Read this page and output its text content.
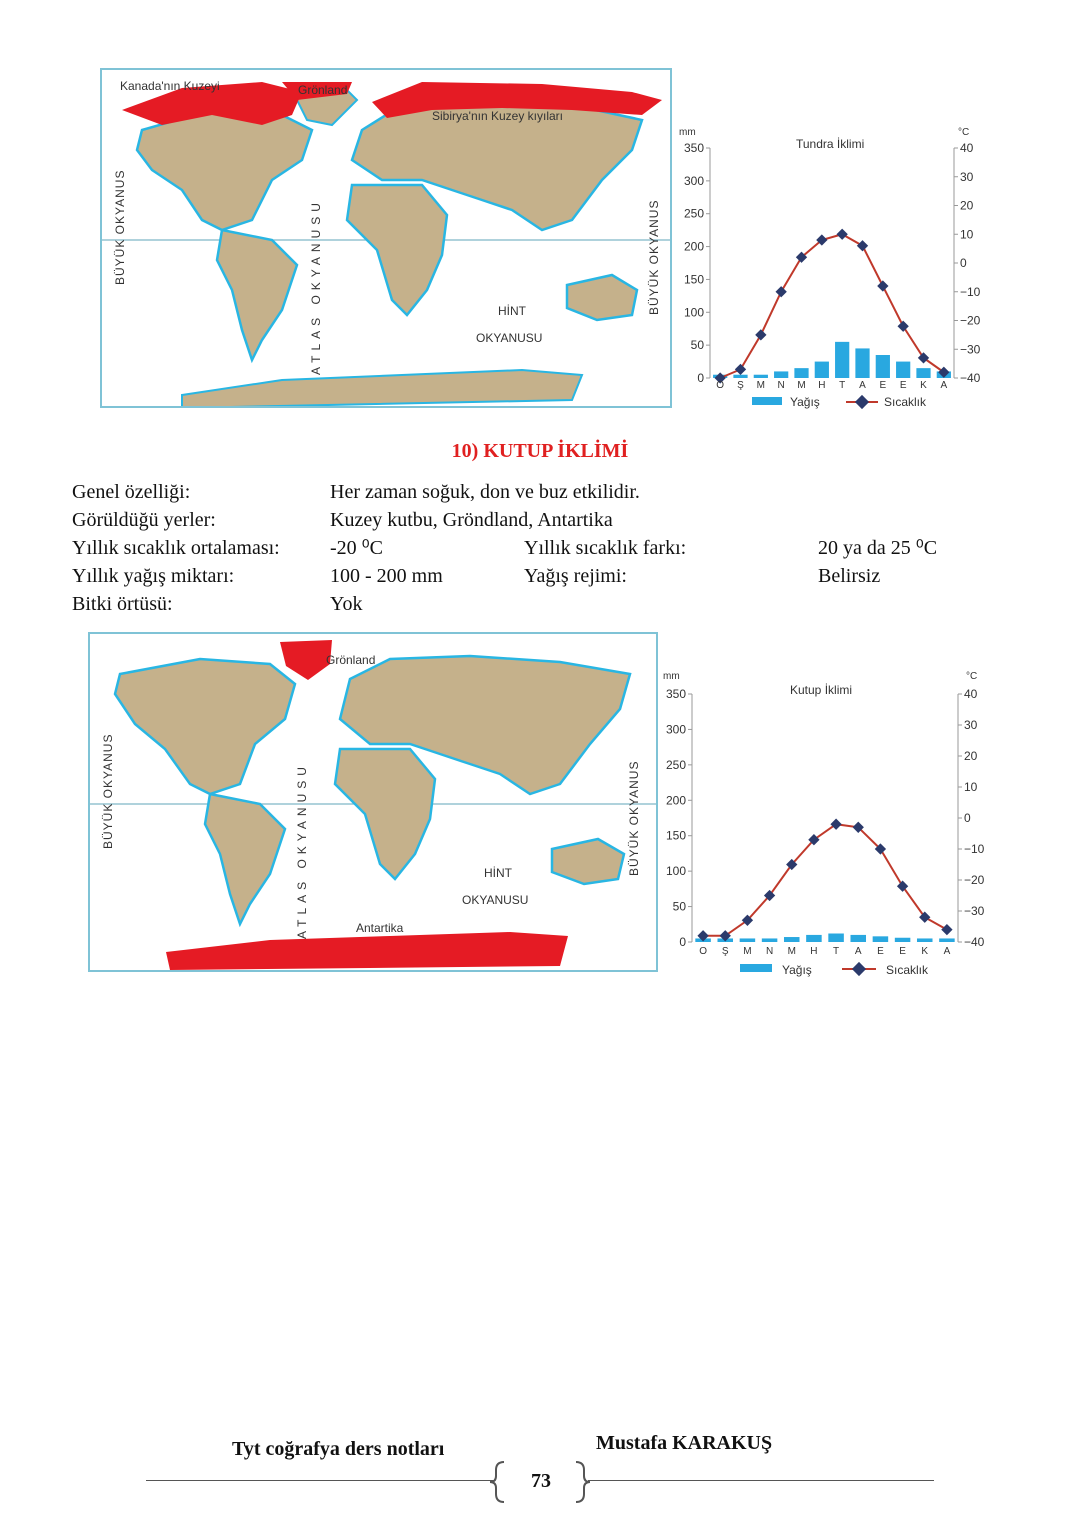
Kanada'nın Kuzeyi	Grönland
Sibirya'nın Kuzey kıyıları
BÜYÜK OKYANUS	ATLAS OKYANUSU	BÜYÜK OKYANUS
HİNT
OKYANUSU
mm	°C
Tundra İklimi
Yağış	Sıcaklık
350
300
250
200
150
100
50
0
40
30
20
10
0
−10
−20
−30
−40
O Ş M N M H T A E E K A
10) KUTUP İKLİMİ
Genel özelliği:	Her zaman soğuk, don ve buz etkilidir.
Görüldüğü yerler:	Kuzey kutbu, Gröndland, Antartika
Yıllık sıcaklık ortalaması:	-20 ⁰C	Yıllık sıcaklık farkı:	20 ya da 25 ⁰C
Yıllık yağış miktarı:	100 - 200 mm	Yağış rejimi:	Belirsiz
Bitki örtüsü:	Yok
Grönland
Antartika
BÜYÜK OKYANUS	ATLAS OKYANUSU	BÜYÜK OKYANUS
HİNT
OKYANUSU
mm	°C
Kutup İklimi
Yağış	Sıcaklık
350
300
250
200
150
100
50
0
40
30
20
10
0
−10
−20
−30
−40
O Ş M N M H T A E E K A
Tyt coğrafya ders notları	Mustafa KARAKUŞ
73
